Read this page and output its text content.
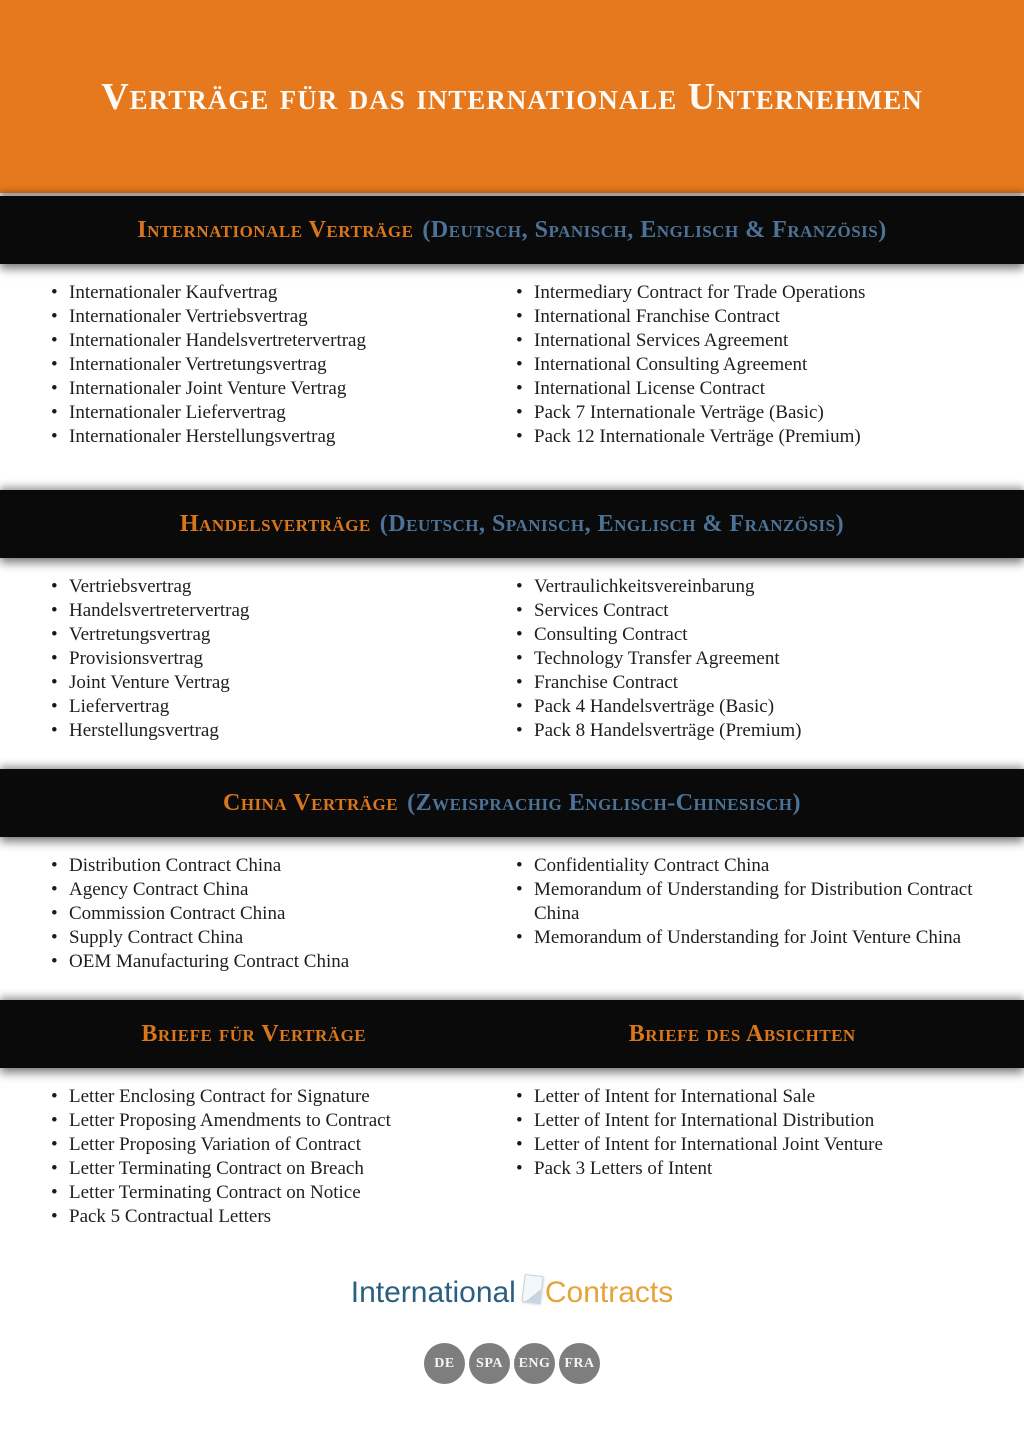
Verträge für das internationale Unternehmen
Internationale Verträge (Deutsch, Spanisch, Englisch & Französis)
• Internationaler Kaufvertrag
• Internationaler Vertriebsvertrag
• Internationaler Handelsvertretervertrag
• Internationaler Vertretungsvertrag
• Internationaler Joint Venture Vertrag
• Internationaler Liefervertrag
• Internationaler Herstellungsvertrag
• Intermediary Contract for Trade Operations
• International Franchise Contract
• International Services Agreement
• International Consulting Agreement
• International License Contract
• Pack 7 Internationale Verträge (Basic)
• Pack 12 Internationale Verträge (Premium)
Handelsverträge (Deutsch, Spanisch, Englisch & Französis)
• Vertriebsvertrag
• Handelsvertretervertrag
• Vertretungsvertrag
• Provisionsvertrag
• Joint Venture Vertrag
• Liefervertrag
• Herstellungsvertrag
• Vertraulichkeitsvereinbarung
• Services Contract
• Consulting Contract
• Technology Transfer Agreement
• Franchise Contract
• Pack 4 Handelsverträge (Basic)
• Pack 8 Handelsverträge (Premium)
China Verträge (Zweisprachig Englisch-Chinesisch)
• Distribution Contract China
• Agency Contract China
• Commission Contract China
• Supply Contract China
• OEM Manufacturing Contract China
• Confidentiality Contract China
• Memorandum of Understanding for Distribution Contract China
• Memorandum of Understanding for Joint Venture China
Briefe für Verträge	Briefe des Absichten
• Letter Enclosing Contract for Signature
• Letter Proposing Amendments to Contract
• Letter Proposing Variation of Contract
• Letter Terminating Contract on Breach
• Letter Terminating Contract on Notice
• Pack 5 Contractual Letters
• Letter of Intent for International Sale
• Letter of Intent for International Distribution
• Letter of Intent for International Joint Venture
• Pack 3 Letters of Intent
International Contracts
DE	SPA	ENG FRA
